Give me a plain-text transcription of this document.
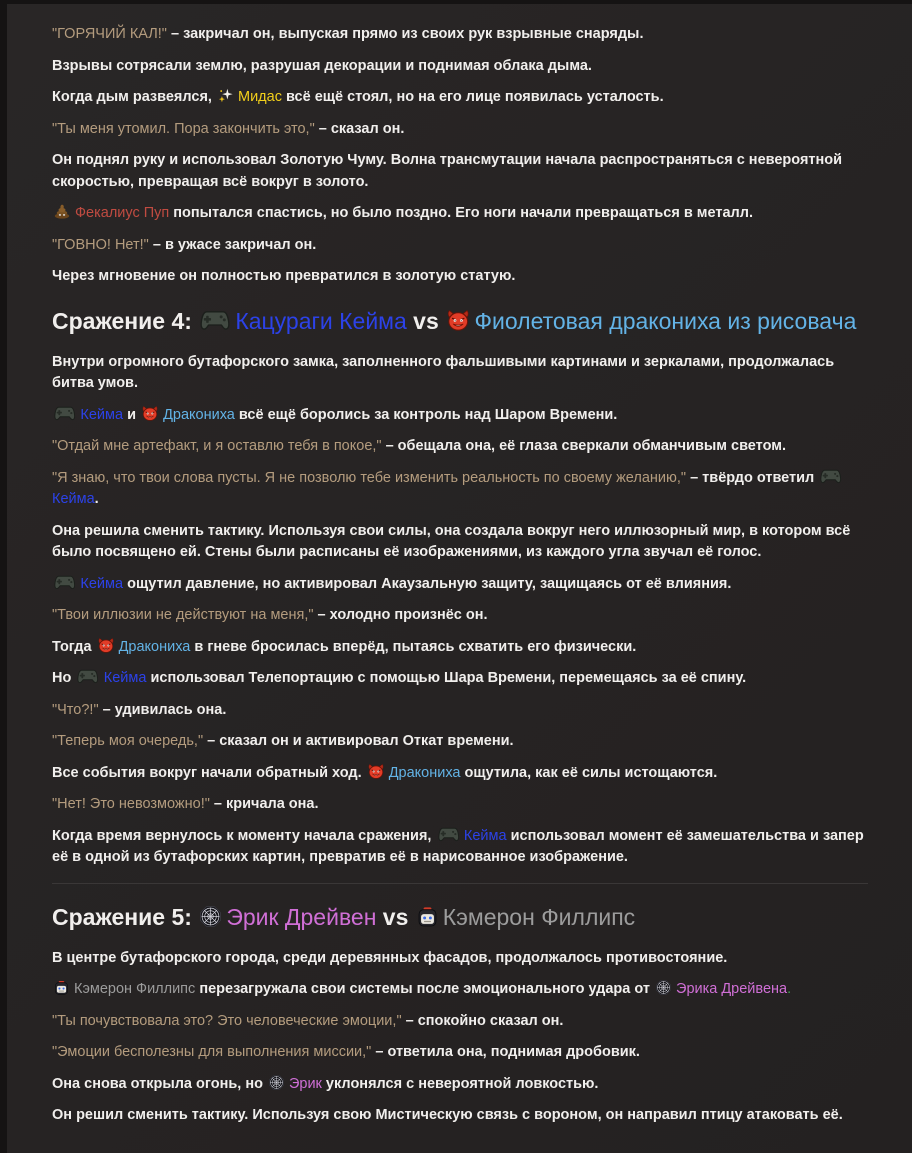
"ГОРЯЧИЙ КАЛ!" – закричал он, выпуская прямо из своих рук взрывные снаряды.

Взрывы сотрясали землю, разрушая декорации и поднимая облака дыма.

Когда дым развеялся, Мидас всё ещё стоял, но на его лице появилась усталость.

"Ты меня утомил. Пора закончить это," – сказал он.

Он поднял руку и использовал Золотую Чуму. Волна трансмутации начала распространяться с невероятной скоростью, превращая всё вокруг в золото.

Фекалиус Пуп попытался спастись, но было поздно. Его ноги начали превращаться в металл.

"ГОВНО! Нет!" – в ужасе закричал он.

Через мгновение он полностью превратился в золотую статую.

Сражение 4: Кацураги Кейма vs Фиолетовая дракониха из рисовача

Внутри огромного бутафорского замка, заполненного фальшивыми картинами и зеркалами, продолжалась битва умов.

Кейма и Дракониха всё ещё боролись за контроль над Шаром Времени.

"Отдай мне артефакт, и я оставлю тебя в покое," – обещала она, её глаза сверкали обманчивым светом.

"Я знаю, что твои слова пусты. Я не позволю тебе изменить реальность по своему желанию," – твёрдо ответил Кейма.

Она решила сменить тактику. Используя свои силы, она создала вокруг него иллюзорный мир, в котором всё было посвящено ей. Стены были расписаны её изображениями, из каждого угла звучал её голос.

Кейма ощутил давление, но активировал Акаузальную защиту, защищаясь от её влияния.

"Твои иллюзии не действуют на меня," – холодно произнёс он.

Тогда Дракониха в гневе бросилась вперёд, пытаясь схватить его физически.

Но Кейма использовал Телепортацию с помощью Шара Времени, перемещаясь за её спину.

"Что?!" – удивилась она.

"Теперь моя очередь," – сказал он и активировал Откат времени.

Все события вокруг начали обратный ход. Дракониха ощутила, как её силы истощаются.

"Нет! Это невозможно!" – кричала она.

Когда время вернулось к моменту начала сражения, Кейма использовал момент её замешательства и запер её в одной из бутафорских картин, превратив её в нарисованное изображение.

Сражение 5: Эрик Дрейвен vs Кэмерон Филлипс

В центре бутафорского города, среди деревянных фасадов, продолжалось противостояние.

Кэмерон Филлипс перезагружала свои системы после эмоционального удара от Эрика Дрейвена.

"Ты почувствовала это? Это человеческие эмоции," – спокойно сказал он.

"Эмоции бесполезны для выполнения миссии," – ответила она, поднимая дробовик.

Она снова открыла огонь, но Эрик уклонялся с невероятной ловкостью.

Он решил сменить тактику. Используя свою Мистическую связь с вороном, он направил птицу атаковать её.
